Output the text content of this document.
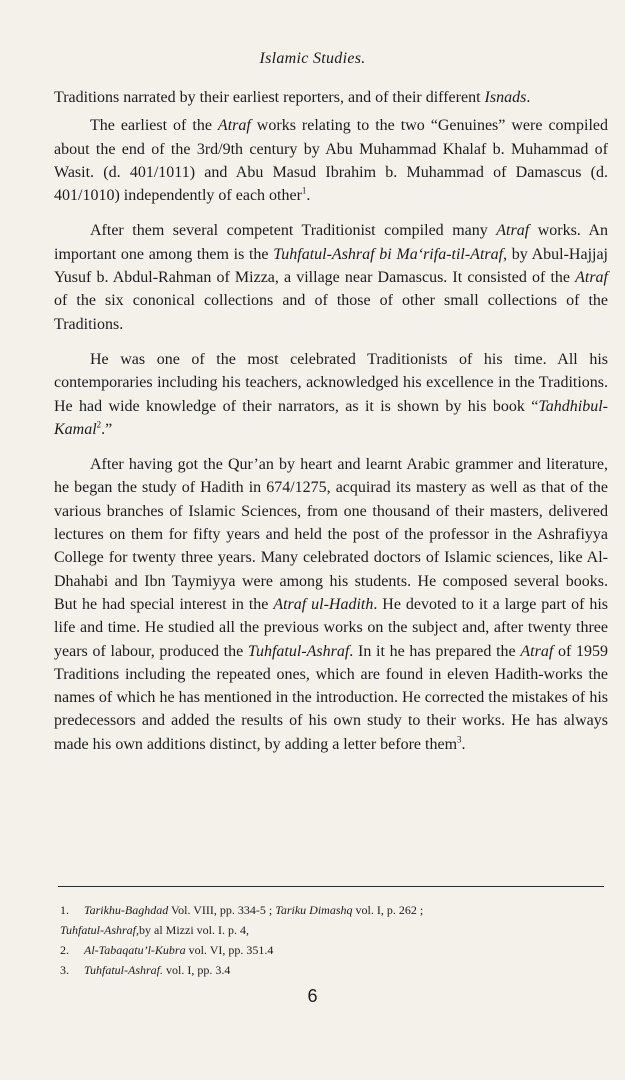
Islamic Studies.

Traditions narrated by their earliest reporters, and of their different Isnads.

The earliest of the Atraf works relating to the two “Genuines” were compiled about the end of the 3rd/9th century by Abu Muhammad Khalaf b. Muhammad of Wasit. (d. 401/1011) and Abu Masud Ibrahim b. Muhammad of Damascus (d. 401/1010) independently of each other$^1$.

After them several competent Traditionist compiled many Atraf works. An important one among them is the Tuhfatul-Ashraf bi Ma‘rifa-til-Atraf, by Abul-Hajjaj Yusuf b. Abdul-Rahman of Mizza, a village near Damascus. It consisted of the Atraf of the six cononical collections and of those of other small collections of the Traditions.

He was one of the most celebrated Traditionists of his time. All his contemporaries including his teachers, acknowledged his excellence in the Traditions. He had wide knowledge of their narrators, as it is shown by his book “Tahdhibul-Kamal$^2$.”

After having got the Qur’an by heart and learnt Arabic grammer and literature, he began the study of Hadith in 674/1275, acquirad its mastery as well as that of the various branches of Islamic Sciences, from one thousand of their masters, delivered lectures on them for fifty years and held the post of the professor in the Ashrafiyya College for twenty three years. Many celebrated doctors of Islamic sciences, like Al-Dhahabi and Ibn Taymiyya were among his students. He composed several books. But he had special interest in the Atraf ul-Hadith. He devoted to it a large part of his life and time. He studied all the previous works on the subject and, after twenty three years of labour, produced the Tuhfatul-Ashraf. In it he has prepared the Atraf of 1959 Traditions including the repeated ones, which are found in eleven Hadith-works the names of which he has mentioned in the introduction. He corrected the mistakes of his predecessors and added the results of his own study to their works. He has always made his own additions distinct, by adding a letter before them$^3$.

1.	Tarikhu-Baghdad Vol. VIII, pp. 334-5 ; Tariku Dimashq vol. I, p. 262 ;
Tuhfatul-Ashraf, by al Mizzi vol. I. p. 4,
2.	Al-Tabaqatu’l-Kubra vol. VI, pp. 351.4
3.	Tuhfatul-Ashraf. vol. I, pp. 3.4
6
